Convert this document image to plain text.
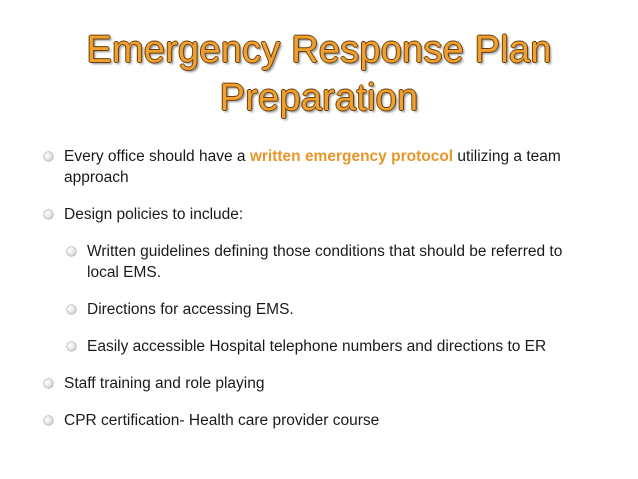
Emergency Response Plan
Preparation
Every office should have a written emergency protocol utilizing a team approach
Design policies to include:
Written guidelines defining those conditions that should be referred to local EMS.
Directions for accessing EMS.
Easily accessible Hospital telephone numbers and directions to ER
Staff training and role playing
CPR certification- Health care provider course
